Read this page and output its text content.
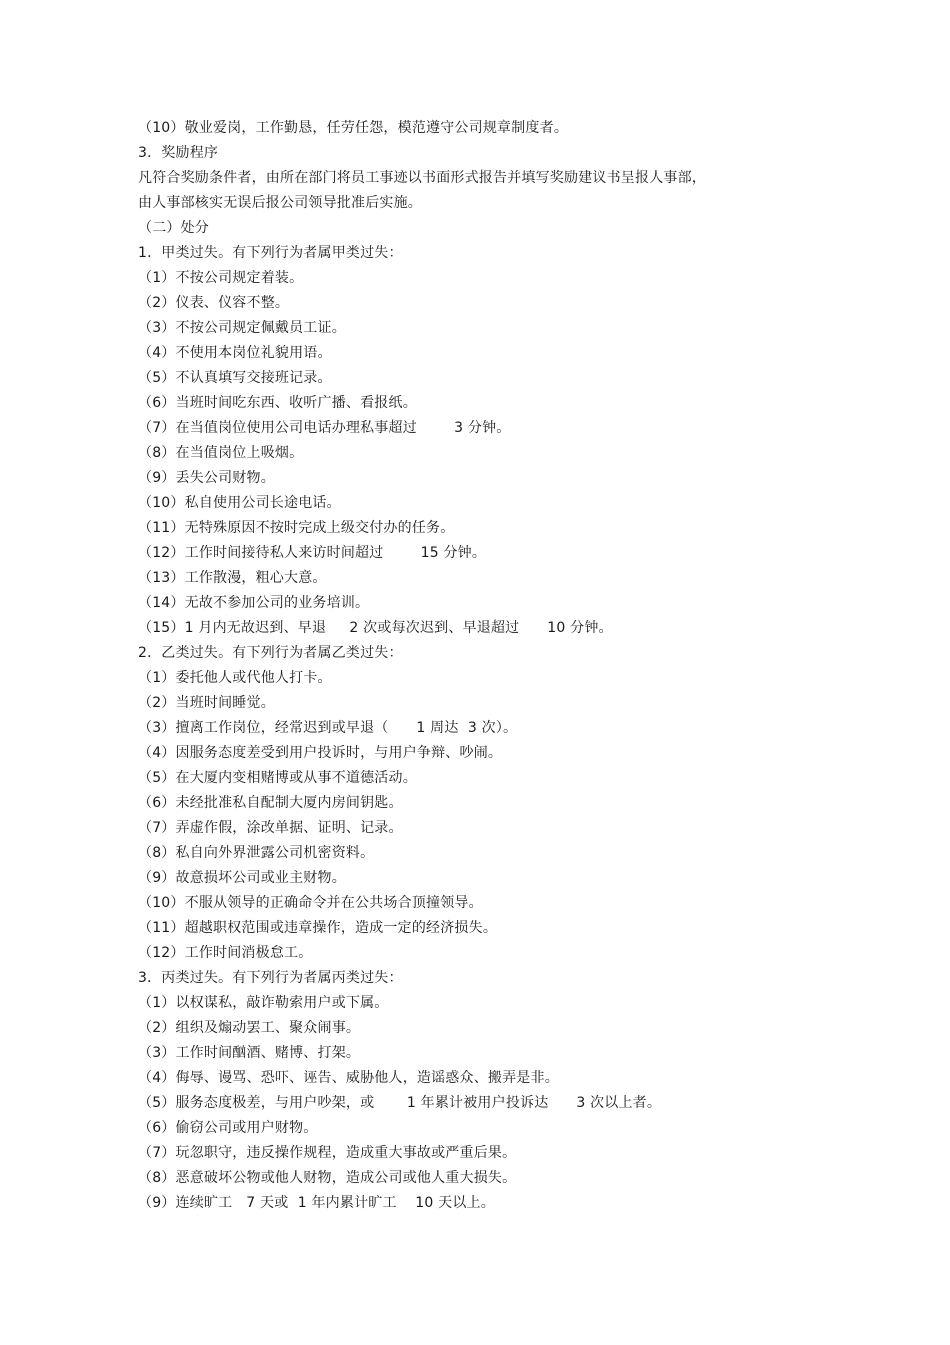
（10）敬业爱岗，工作勤恳，任劳任怨，模范遵守公司规章制度者。
3．奖励程序
凡符合奖励条件者，由所在部门将员工事迹以书面形式报告并填写奖励建议书呈报人事部，
由人事部核实无误后报公司领导批准后实施。
（二）处分
1．甲类过失。有下列行为者属甲类过失：
（1）不按公司规定着装。
（2）仪表、仪容不整。
（3）不按公司规定佩戴员工证。
（4）不使用本岗位礼貌用语。
（5）不认真填写交接班记录。
（6）当班时间吃东西、收听广播、看报纸。
（7）在当值岗位使用公司电话办理私事超过        3 分钟。
（8）在当值岗位上吸烟。
（9）丢失公司财物。
（10）私自使用公司长途电话。
（11）无特殊原因不按时完成上级交付办的任务。
（12）工作时间接待私人来访时间超过        15 分钟。
（13）工作散漫，粗心大意。
（14）无故不参加公司的业务培训。
（15）1 月内无故迟到、早退     2 次或每次迟到、早退超过      10 分钟。
2．乙类过失。有下列行为者属乙类过失：
（1）委托他人或代他人打卡。
（2）当班时间睡觉。
（3）擅离工作岗位，经常迟到或早退（      1 周达  3 次）。
（4）因服务态度差受到用户投诉时，与用户争辩、吵闹。
（5）在大厦内变相赌博或从事不道德活动。
（6）未经批准私自配制大厦内房间钥匙。
（7）弄虚作假，涂改单据、证明、记录。
（8）私自向外界泄露公司机密资料。
（9）故意损坏公司或业主财物。
（10）不服从领导的正确命令并在公共场合顶撞领导。
（11）超越职权范围或违章操作，造成一定的经济损失。
（12）工作时间消极怠工。
3．丙类过失。有下列行为者属丙类过失：
（1）以权谋私，敲诈勒索用户或下属。
（2）组织及煽动罢工、聚众闹事。
（3）工作时间酗酒、赌博、打架。
（4）侮辱、谩骂、恐吓、诬告、威胁他人，造谣惑众、搬弄是非。
（5）服务态度极差，与用户吵架，或       1 年累计被用户投诉达      3 次以上者。
（6）偷窃公司或用户财物。
（7）玩忽职守，违反操作规程，造成重大事故或严重后果。
（8）恶意破坏公物或他人财物，造成公司或他人重大损失。
（9）连续旷工   7 天或  1 年内累计旷工    10 天以上。
